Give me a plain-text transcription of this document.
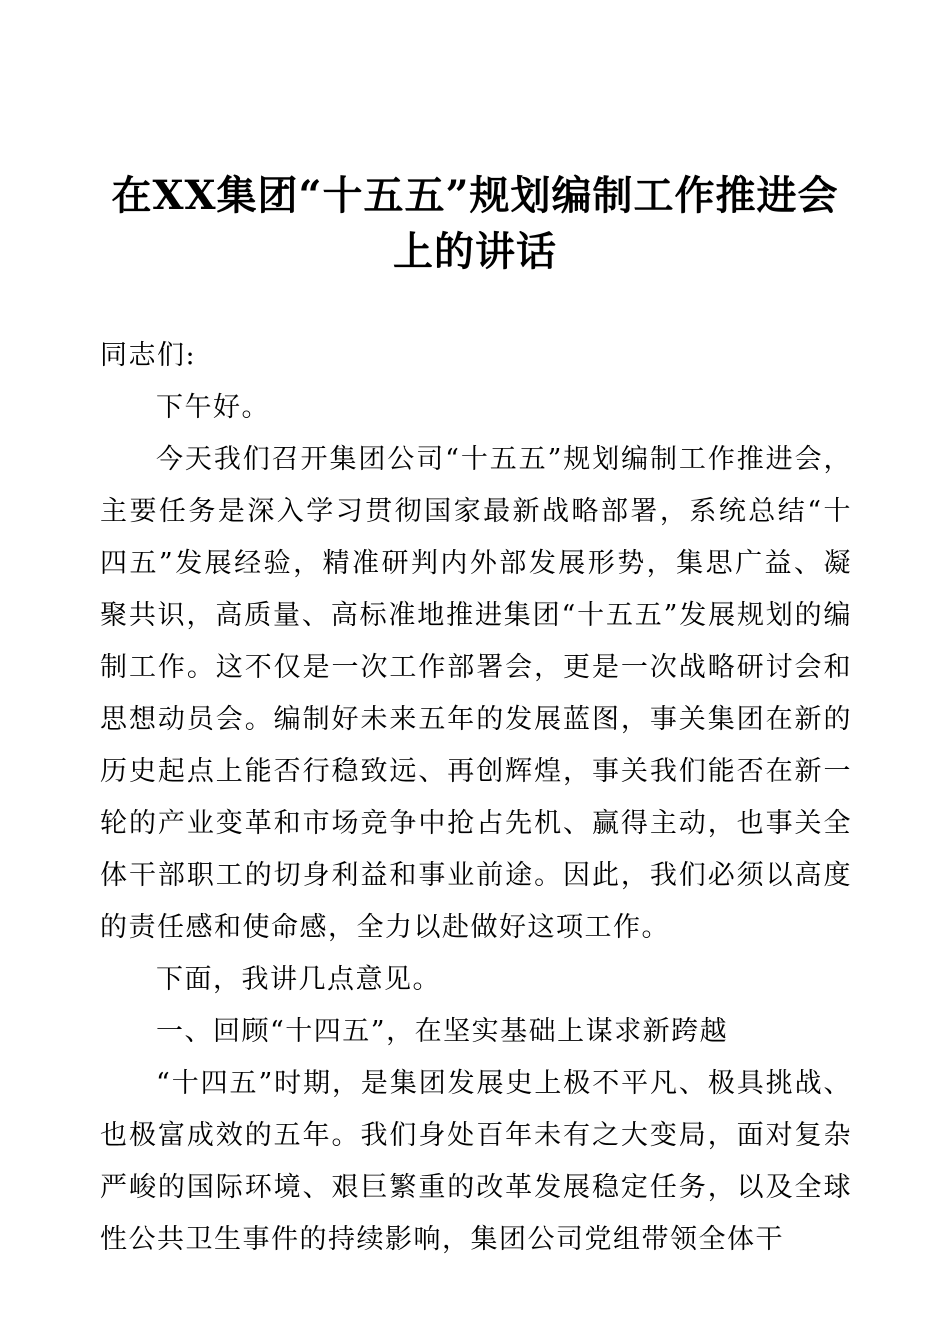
在XX集团“十五五”规划编制工作推进会上的讲话

同志们:

下午好。

今天我们召开集团公司“十五五”规划编制工作推进会，主要任务是深入学习贯彻国家最新战略部署，系统总结“十四五”发展经验，精准研判内外部发展形势，集思广益、凝聚共识，高质量、高标准地推进集团“十五五”发展规划的编制工作。这不仅是一次工作部署会，更是一次战略研讨会和思想动员会。编制好未来五年的发展蓝图，事关集团在新的历史起点上能否行稳致远、再创辉煌，事关我们能否在新一轮的产业变革和市场竞争中抢占先机、赢得主动，也事关全体干部职工的切身利益和事业前途。因此，我们必须以高度的责任感和使命感，全力以赴做好这项工作。

下面，我讲几点意见。

一、回顾“十四五”，在坚实基础上谋求新跨越

“十四五”时期，是集团发展史上极不平凡、极具挑战、也极富成效的五年。我们身处百年未有之大变局，面对复杂严峻的国际环境、艰巨繁重的改革发展稳定任务，以及全球性公共卫生事件的持续影响，集团公司党组带领全体干
